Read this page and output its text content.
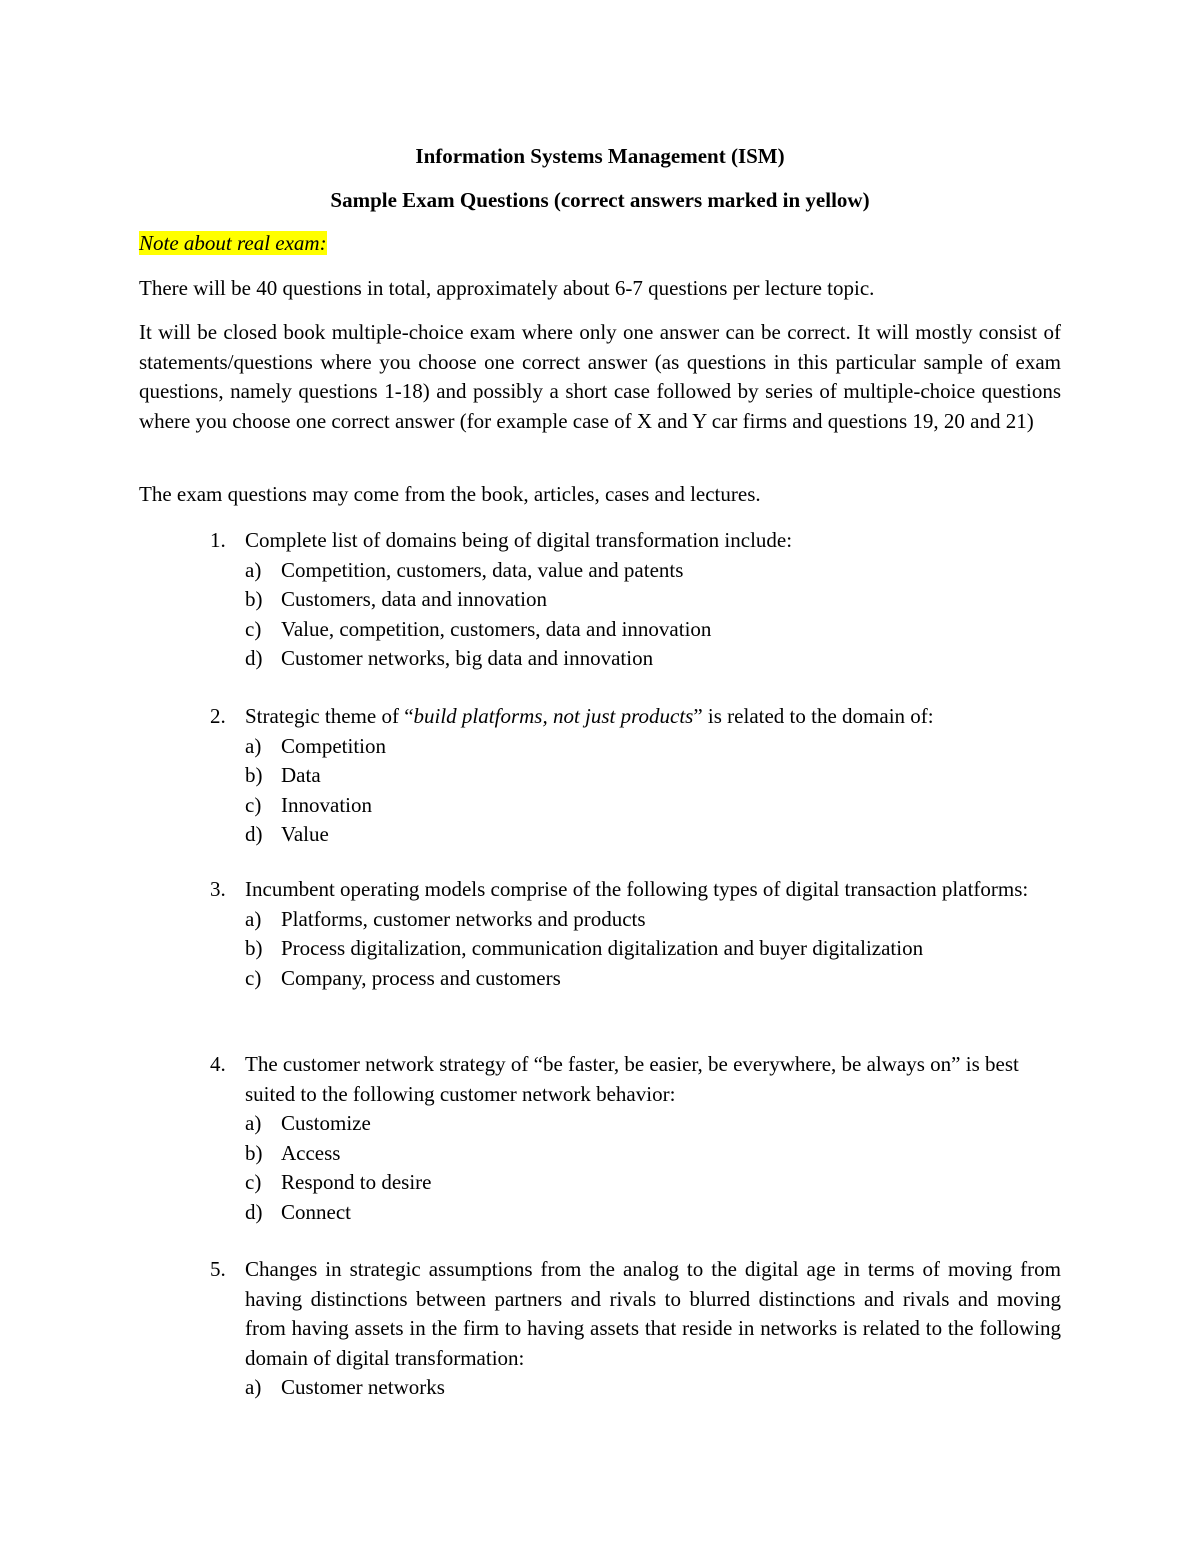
Information Systems Management (ISM)
Sample Exam Questions (correct answers marked in yellow)
Note about real exam:
There will be 40 questions in total, approximately about 6-7 questions per lecture topic.
It will be closed book multiple-choice exam where only one answer can be correct. It will mostly consist of statements/questions where you choose one correct answer (as questions in this particular sample of exam questions, namely questions 1-18) and possibly a short case followed by series of multiple-choice questions where you choose one correct answer (for example case of X and Y car firms and questions 19, 20 and 21)
The exam questions may come from the book, articles, cases and lectures.
1. Complete list of domains being of digital transformation include:
a) Competition, customers, data, value and patents
b) Customers, data and innovation
c) Value, competition, customers, data and innovation
d) Customer networks, big data and innovation
2. Strategic theme of “build platforms, not just products” is related to the domain of:
a) Competition
b) Data
c) Innovation
d) Value
3. Incumbent operating models comprise of the following types of digital transaction platforms:
a) Platforms, customer networks and products
b) Process digitalization, communication digitalization and buyer digitalization
c) Company, process and customers
4. The customer network strategy of “be faster, be easier, be everywhere, be always on” is best suited to the following customer network behavior:
a) Customize
b) Access
c) Respond to desire
d) Connect
5. Changes in strategic assumptions from the analog to the digital age in terms of moving from having distinctions between partners and rivals to blurred distinctions and rivals and moving from having assets in the firm to having assets that reside in networks is related to the following domain of digital transformation:
a) Customer networks
